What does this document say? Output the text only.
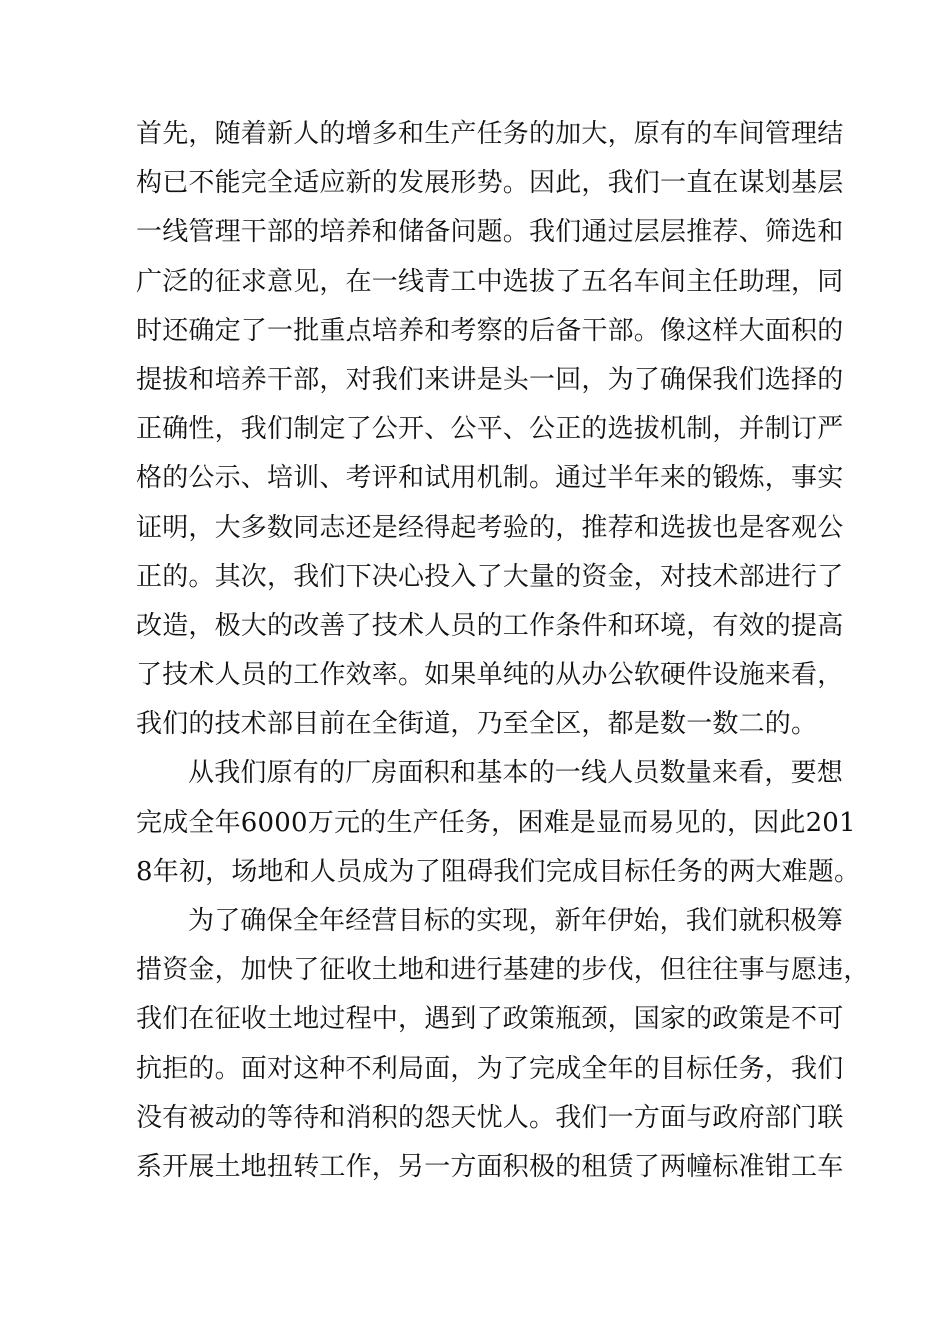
首先，随着新人的增多和生产任务的加大，原有的车间管理结
构已不能完全适应新的发展形势。因此，我们一直在谋划基层
一线管理干部的培养和储备问题。我们通过层层推荐、筛选和
广泛的征求意见，在一线青工中选拔了五名车间主任助理，同
时还确定了一批重点培养和考察的后备干部。像这样大面积的
提拔和培养干部，对我们来讲是头一回，为了确保我们选择的
正确性，我们制定了公开、公平、公正的选拔机制，并制订严
格的公示、培训、考评和试用机制。通过半年来的锻炼，事实
证明，大多数同志还是经得起考验的，推荐和选拔也是客观公
正的。其次，我们下决心投入了大量的资金，对技术部进行了
改造，极大的改善了技术人员的工作条件和环境，有效的提高
了技术人员的工作效率。如果单纯的从办公软硬件设施来看，
我们的技术部目前在全街道，乃至全区，都是数一数二的。
从我们原有的厂房面积和基本的一线人员数量来看，要想
完成全年6000万元的生产任务，困难是显而易见的，因此201
8年初，场地和人员成为了阻碍我们完成目标任务的两大难题。
为了确保全年经营目标的实现，新年伊始，我们就积极筹
措资金，加快了征收土地和进行基建的步伐，但往往事与愿违，
我们在征收土地过程中，遇到了政策瓶颈，国家的政策是不可
抗拒的。面对这种不利局面，为了完成全年的目标任务，我们
没有被动的等待和消积的怨天忧人。我们一方面与政府部门联
系开展土地扭转工作，另一方面积极的租赁了两幢标准钳工车
